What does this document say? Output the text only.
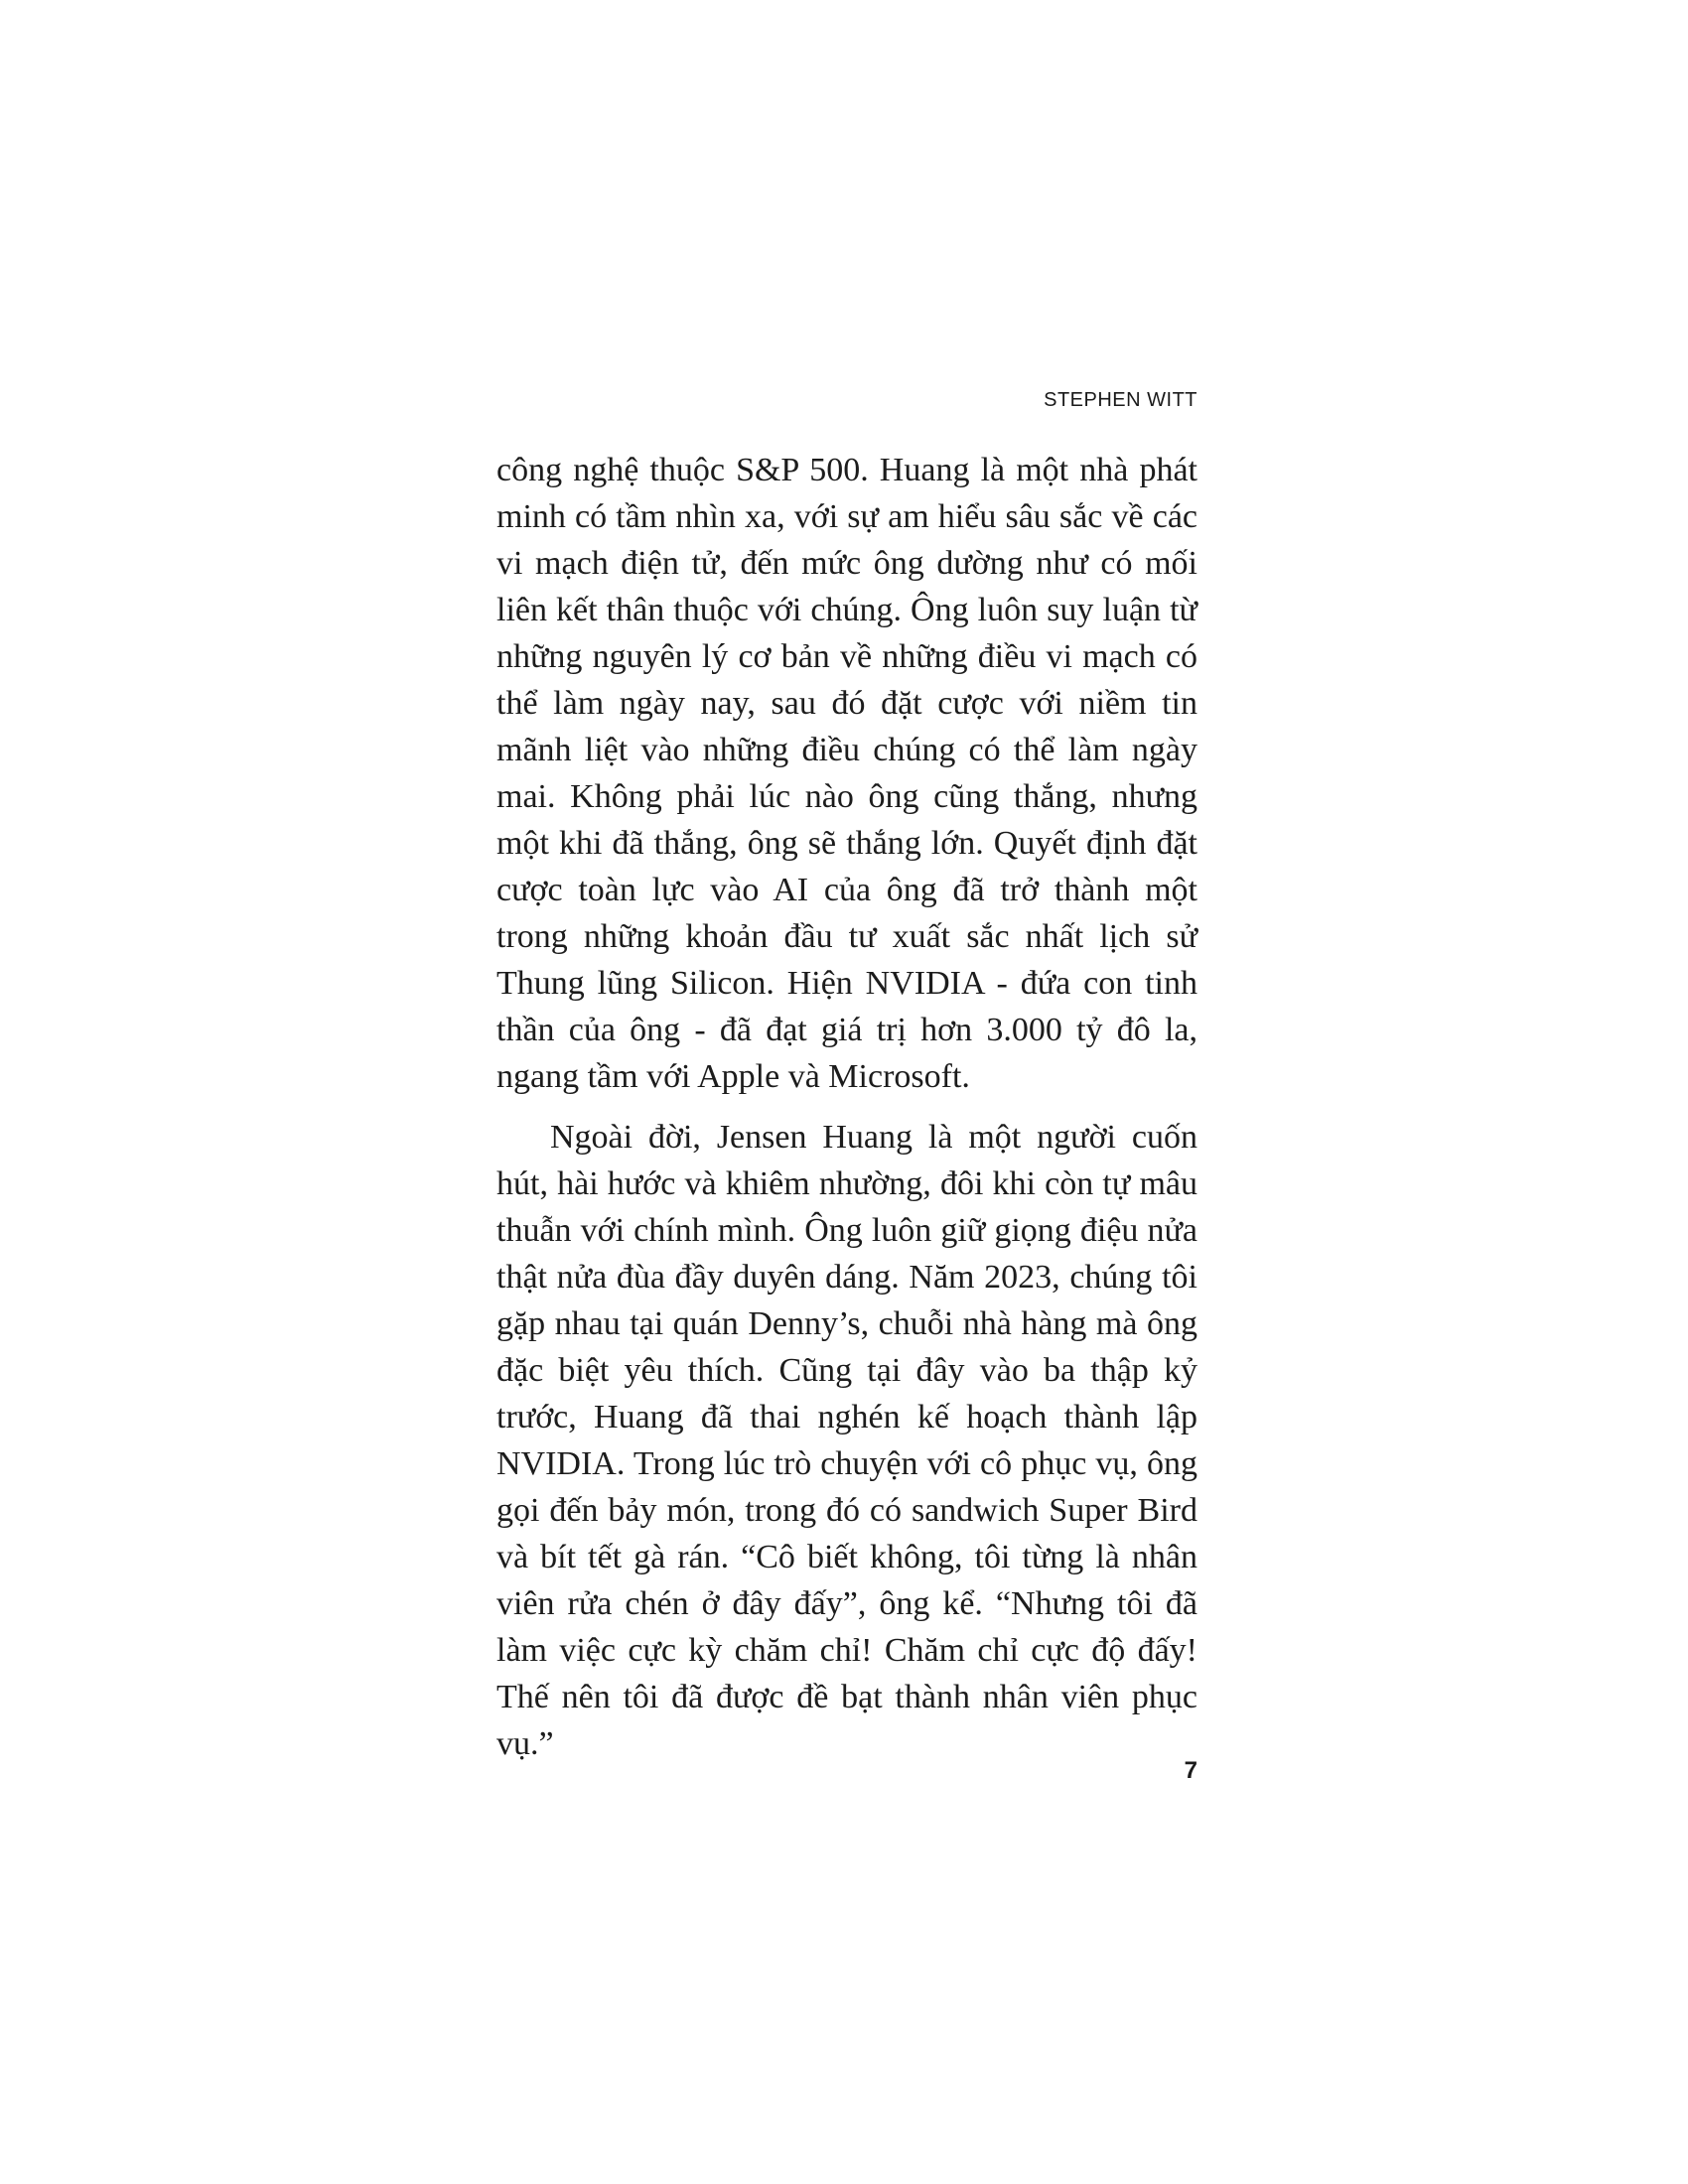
STEPHEN WITT

công nghệ thuộc S&P 500. Huang là một nhà phát minh có tầm nhìn xa, với sự am hiểu sâu sắc về các vi mạch điện tử, đến mức ông dường như có mối liên kết thân thuộc với chúng. Ông luôn suy luận từ những nguyên lý cơ bản về những điều vi mạch có thể làm ngày nay, sau đó đặt cược với niềm tin mãnh liệt vào những điều chúng có thể làm ngày mai. Không phải lúc nào ông cũng thắng, nhưng một khi đã thắng, ông sẽ thắng lớn. Quyết định đặt cược toàn lực vào AI của ông đã trở thành một trong những khoản đầu tư xuất sắc nhất lịch sử Thung lũng Silicon. Hiện NVIDIA - đứa con tinh thần của ông - đã đạt giá trị hơn 3.000 tỷ đô la, ngang tầm với Apple và Microsoft.

Ngoài đời, Jensen Huang là một người cuốn hút, hài hước và khiêm nhường, đôi khi còn tự mâu thuẫn với chính mình. Ông luôn giữ giọng điệu nửa thật nửa đùa đầy duyên dáng. Năm 2023, chúng tôi gặp nhau tại quán Denny’s, chuỗi nhà hàng mà ông đặc biệt yêu thích. Cũng tại đây vào ba thập kỷ trước, Huang đã thai nghén kế hoạch thành lập NVIDIA. Trong lúc trò chuyện với cô phục vụ, ông gọi đến bảy món, trong đó có sandwich Super Bird và bít tết gà rán. “Cô biết không, tôi từng là nhân viên rửa chén ở đây đấy”, ông kể. “Nhưng tôi đã làm việc cực kỳ chăm chỉ! Chăm chỉ cực độ đấy! Thế nên tôi đã được đề bạt thành nhân viên phục vụ.”

7
